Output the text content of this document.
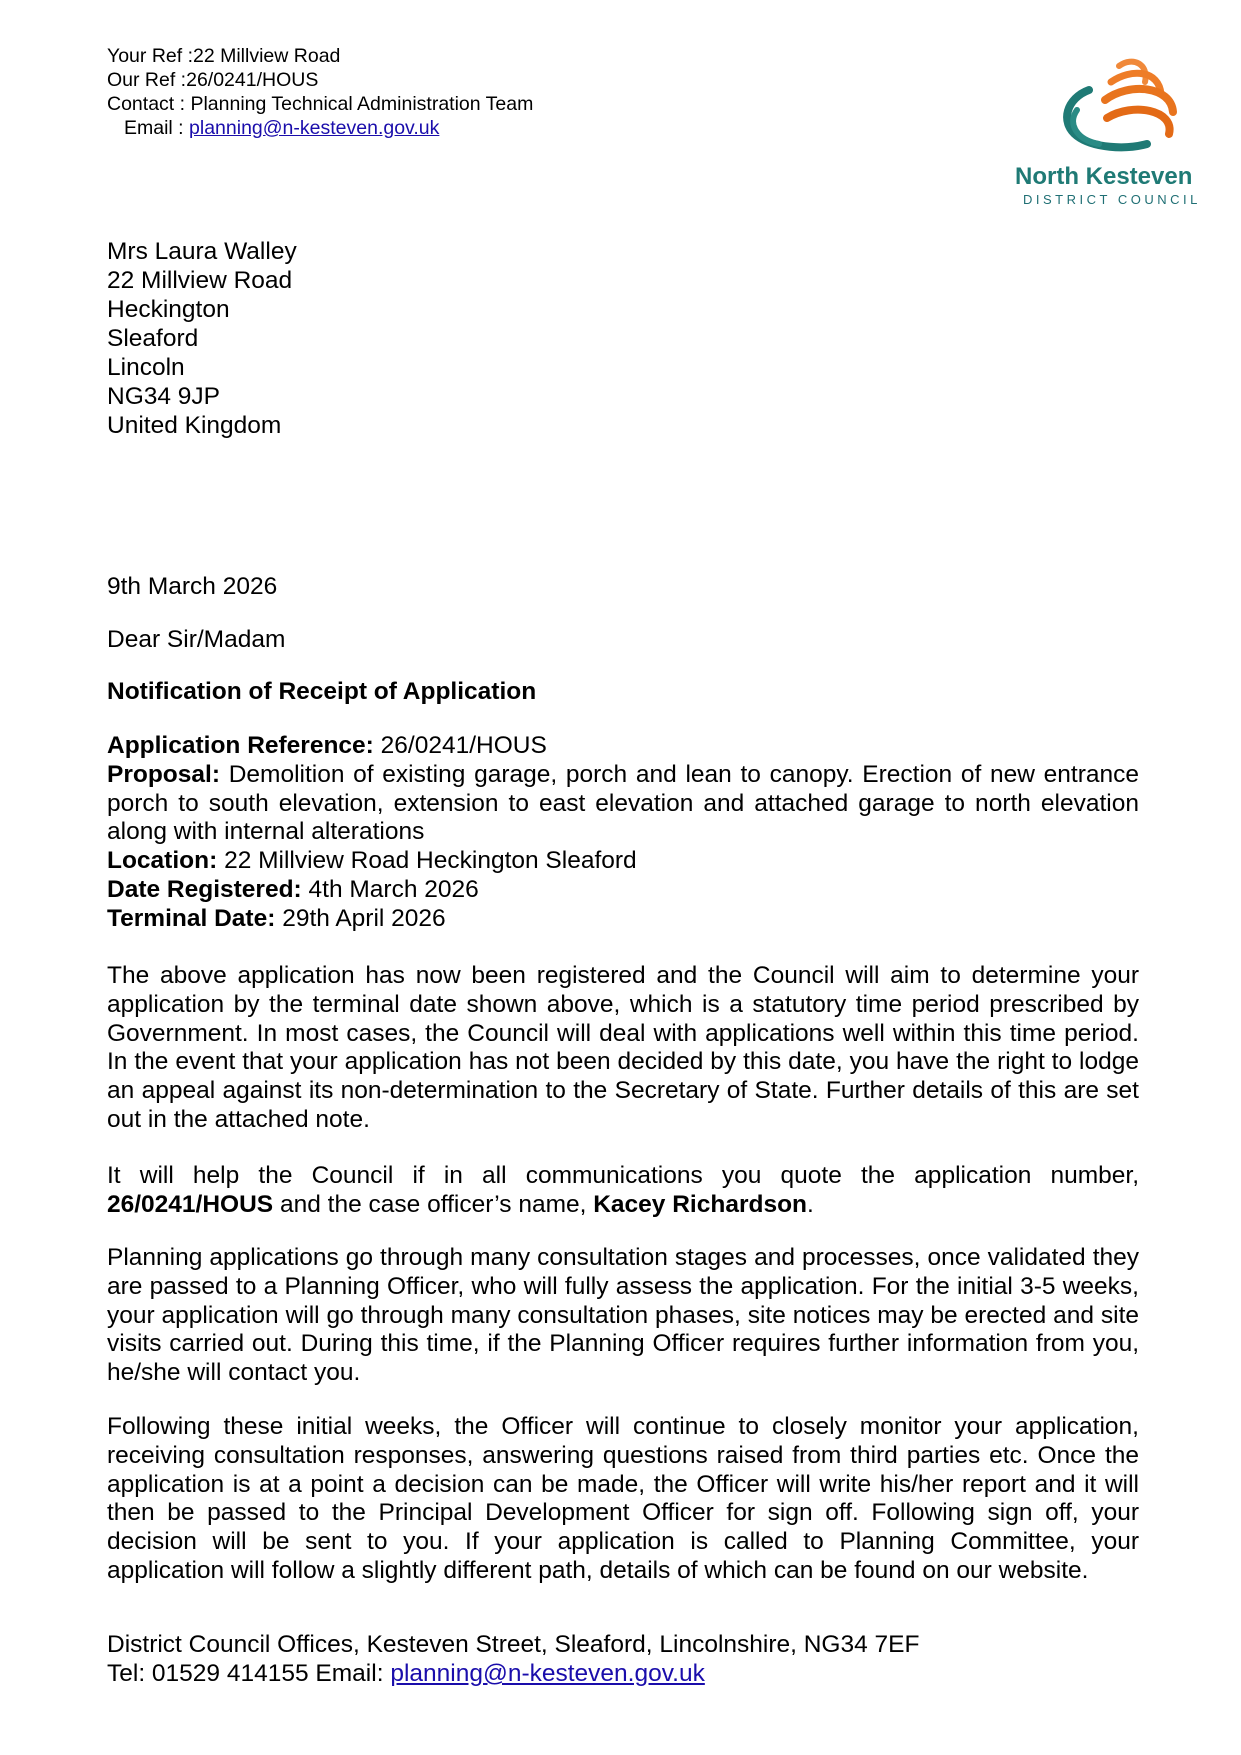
Your Ref :22 Millview Road
Our Ref :26/0241/HOUS
Contact : Planning Technical Administration Team
Email : planning@n-kesteven.gov.uk
North Kesteven
DISTRICT COUNCIL
Mrs Laura Walley
22 Millview Road
Heckington
Sleaford
Lincoln
NG34 9JP
United Kingdom
9th March 2026
Dear Sir/Madam
Notification of Receipt of Application
Application Reference: 26/0241/HOUS
Proposal: Demolition of existing garage, porch and lean to canopy. Erection of new entrance porch to south elevation, extension to east elevation and attached garage to north elevation along with internal alterations
Location: 22 Millview Road Heckington Sleaford
Date Registered: 4th March 2026
Terminal Date: 29th April 2026
The above application has now been registered and the Council will aim to determine your application by the terminal date shown above, which is a statutory time period prescribed by Government. In most cases, the Council will deal with applications well within this time period. In the event that your application has not been decided by this date, you have the right to lodge an appeal against its non-determination to the Secretary of State. Further details of this are set out in the attached note.
It will help the Council if in all communications you quote the application number, 26/0241/HOUS and the case officer’s name, Kacey Richardson.
Planning applications go through many consultation stages and processes, once validated they are passed to a Planning Officer, who will fully assess the application. For the initial 3-5 weeks, your application will go through many consultation phases, site notices may be erected and site visits carried out. During this time, if the Planning Officer requires further information from you, he/she will contact you.
Following these initial weeks, the Officer will continue to closely monitor your application, receiving consultation responses, answering questions raised from third parties etc. Once the application is at a point a decision can be made, the Officer will write his/her report and it will then be passed to the Principal Development Officer for sign off. Following sign off, your decision will be sent to you. If your application is called to Planning Committee, your application will follow a slightly different path, details of which can be found on our website.
District Council Offices, Kesteven Street, Sleaford, Lincolnshire, NG34 7EF
Tel: 01529 414155 Email: planning@n-kesteven.gov.uk
